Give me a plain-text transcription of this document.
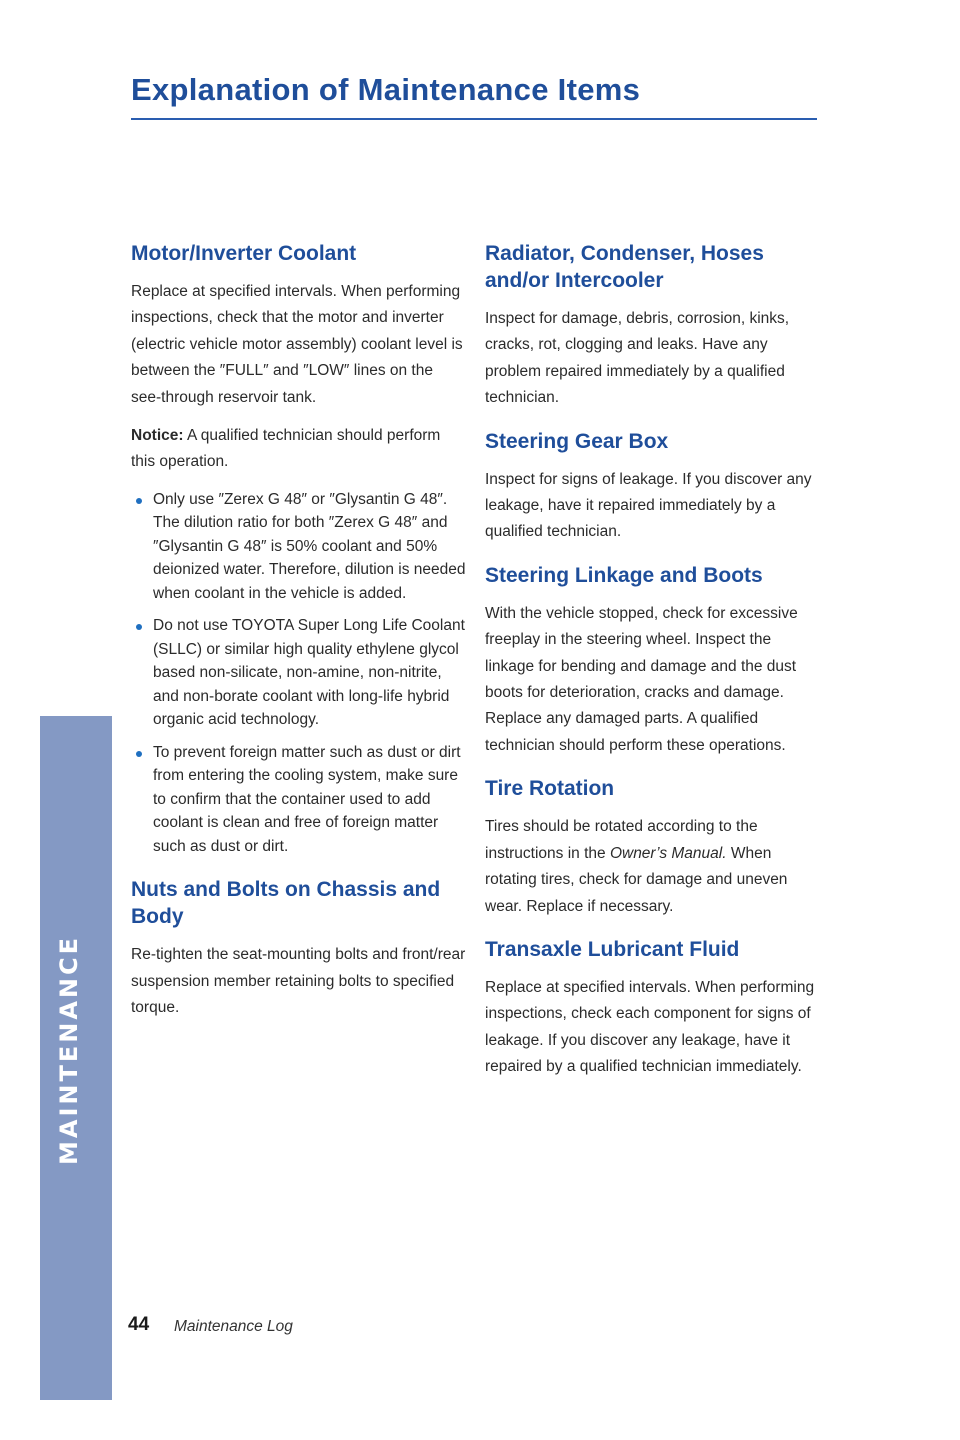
Explanation of Maintenance Items
MAINTENANCE
Motor/Inverter Coolant

Replace at specified intervals. When performing inspections, check that the motor and inverter (electric vehicle motor assembly) coolant level is between the ″FULL″ and ″LOW″ lines on the see-through reservoir tank.

Notice: A qualified technician should perform this operation.

Only use ″Zerex G 48″ or ″Glysantin G 48″. The dilution ratio for both ″Zerex G 48″ and ″Glysantin G 48″ is 50% coolant and 50% deionized water. Therefore, dilution is needed when coolant in the vehicle is added.
Do not use TOYOTA Super Long Life Coolant (SLLC) or similar high quality ethylene glycol based non-silicate, non-amine, non-nitrite, and non-borate coolant with long-life hybrid organic acid technology.
To prevent foreign matter such as dust or dirt from entering the cooling system, make sure to confirm that the container used to add coolant is clean and free of foreign matter such as dust or dirt.
Nuts and Bolts on Chassis and Body

Re-tighten the seat-mounting bolts and front/rear suspension member retaining bolts to specified torque.

Radiator, Condenser, Hoses and/or Intercooler

Inspect for damage, debris, corrosion, kinks, cracks, rot, clogging and leaks. Have any problem repaired immediately by a qualified technician.

Steering Gear Box

Inspect for signs of leakage. If you discover any leakage, have it repaired immediately by a qualified technician.

Steering Linkage and Boots

With the vehicle stopped, check for excessive freeplay in the steering wheel. Inspect the linkage for bending and damage and the dust boots for deterioration, cracks and damage. Replace any damaged parts. A qualified technician should perform these operations.

Tire Rotation

Tires should be rotated according to the instructions in the Owner’s Manual. When rotating tires, check for damage and uneven wear. Replace if necessary.

Transaxle Lubricant Fluid

Replace at specified intervals. When performing inspections, check each component for signs of leakage. If you discover any leakage, have it repaired by a qualified technician immediately.

44 Maintenance Log
